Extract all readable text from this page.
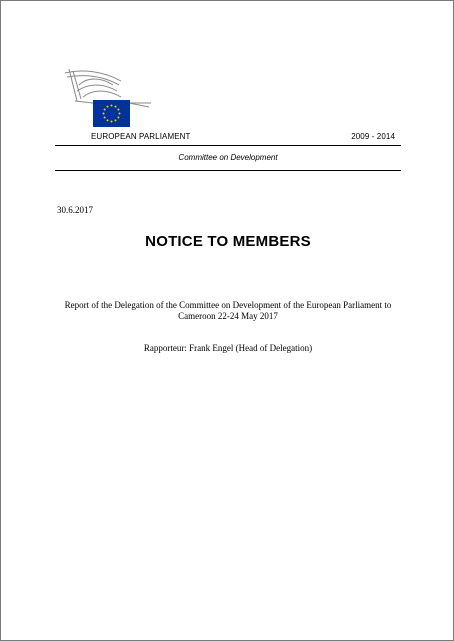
EUROPEAN PARLIAMENT	2009 - 2014
Committee on Development
30.6.2017
NOTICE TO MEMBERS
Report of the Delegation of the Committee on Development of the European Parliament to
Cameroon 22-24 May 2017
Rapporteur: Frank Engel (Head of Delegation)
